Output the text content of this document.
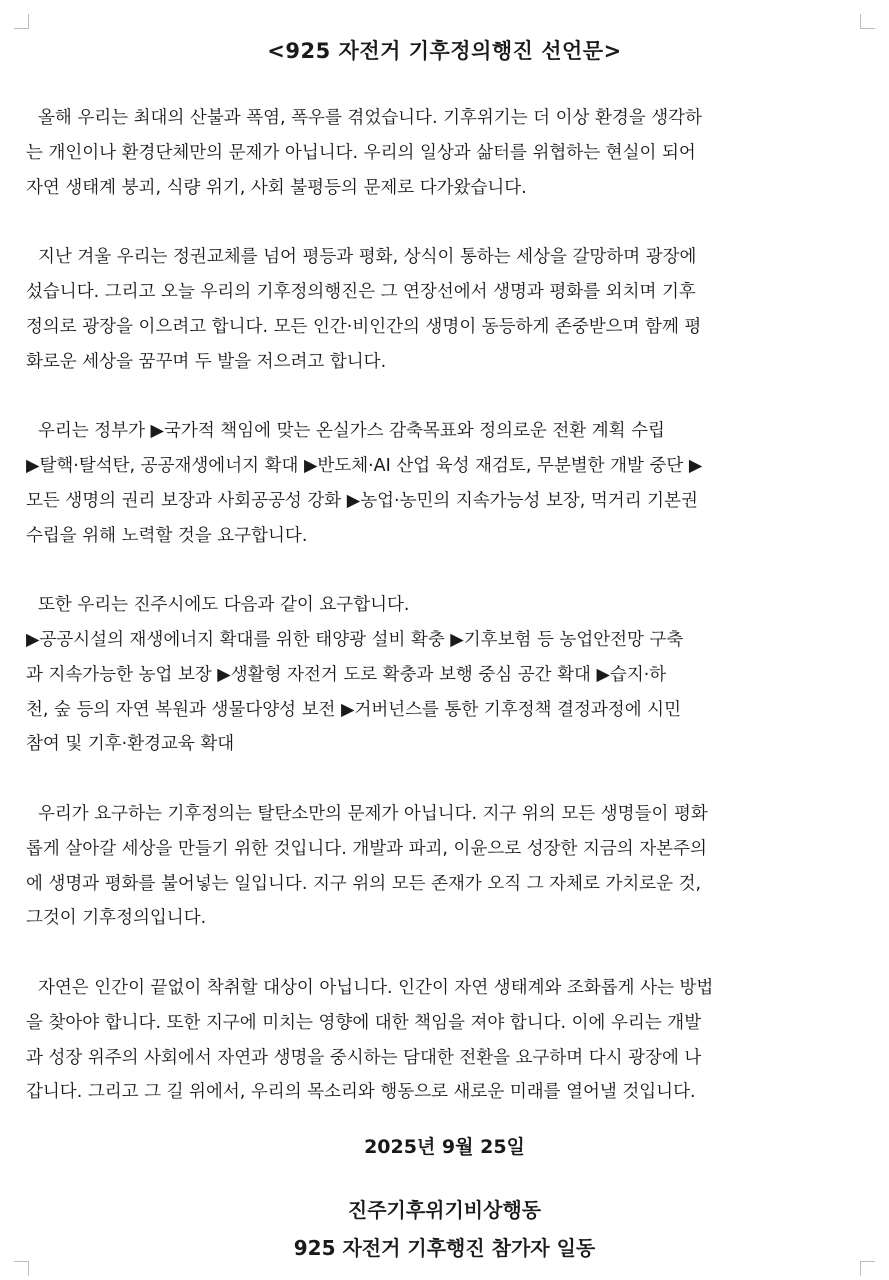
<925 자전거 기후정의행진 선언문>
올해 우리는 최대의 산불과 폭염, 폭우를 겪었습니다. 기후위기는 더 이상 환경을 생각하
는 개인이나 환경단체만의 문제가 아닙니다. 우리의 일상과 삶터를 위협하는 현실이 되어
자연 생태계 붕괴, 식량 위기, 사회 불평등의 문제로 다가왔습니다.
지난 겨울 우리는 정권교체를 넘어 평등과 평화, 상식이 통하는 세상을 갈망하며 광장에
섰습니다. 그리고 오늘 우리의 기후정의행진은 그 연장선에서 생명과 평화를 외치며 기후
정의로 광장을 이으려고 합니다. 모든 인간·비인간의 생명이 동등하게 존중받으며 함께 평
화로운 세상을 꿈꾸며 두 발을 저으려고 합니다.
우리는 정부가 ▶국가적 책임에 맞는 온실가스 감축목표와 정의로운 전환 계획 수립
▶탈핵·탈석탄, 공공재생에너지 확대 ▶반도체·AI 산업 육성 재검토, 무분별한 개발 중단 ▶
모든 생명의 권리 보장과 사회공공성 강화 ▶농업·농민의 지속가능성 보장, 먹거리 기본권
수립을 위해 노력할 것을 요구합니다.
또한 우리는 진주시에도 다음과 같이 요구합니다.
▶공공시설의 재생에너지 확대를 위한 태양광 설비 확충 ▶기후보험 등 농업안전망 구축
과 지속가능한 농업 보장 ▶생활형 자전거 도로 확충과 보행 중심 공간 확대 ▶습지·하
천, 숲 등의 자연 복원과 생물다양성 보전 ▶거버넌스를 통한 기후정책 결정과정에 시민
참여 및 기후·환경교육 확대
우리가 요구하는 기후정의는 탈탄소만의 문제가 아닙니다. 지구 위의 모든 생명들이 평화
롭게 살아갈 세상을 만들기 위한 것입니다. 개발과 파괴, 이윤으로 성장한 지금의 자본주의
에 생명과 평화를 불어넣는 일입니다. 지구 위의 모든 존재가 오직 그 자체로 가치로운 것,
그것이 기후정의입니다.
자연은 인간이 끝없이 착취할 대상이 아닙니다. 인간이 자연 생태계와 조화롭게 사는 방법
을 찾아야 합니다. 또한 지구에 미치는 영향에 대한 책임을 져야 합니다. 이에 우리는 개발
과 성장 위주의 사회에서 자연과 생명을 중시하는 담대한 전환을 요구하며 다시 광장에 나
갑니다. 그리고 그 길 위에서, 우리의 목소리와 행동으로 새로운 미래를 열어낼 것입니다.
2025년 9월 25일
진주기후위기비상행동
925 자전거 기후행진 참가자 일동
